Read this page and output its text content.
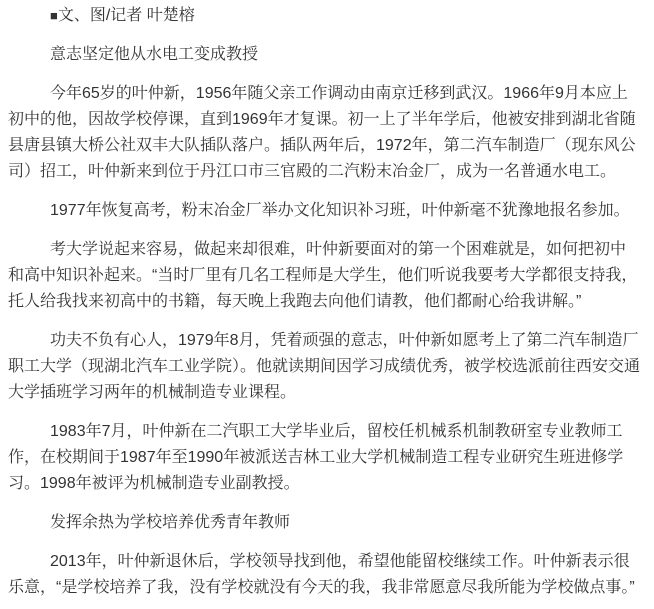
■文、图/记者 叶楚榕

意志坚定他从水电工变成教授

今年65岁的叶仲新，1956年随父亲工作调动由南京迁移到武汉。1966年9月本应上初中的他，因故学校停课，直到1969年才复课。初一上了半年学后，他被安排到湖北省随县唐县镇大桥公社双丰大队插队落户。插队两年后，1972年，第二汽车制造厂（现东风公司）招工，叶仲新来到位于丹江口市三官殿的二汽粉末冶金厂，成为一名普通水电工。

1977年恢复高考，粉末冶金厂举办文化知识补习班，叶仲新毫不犹豫地报名参加。

考大学说起来容易，做起来却很难，叶仲新要面对的第一个困难就是，如何把初中和高中知识补起来。“当时厂里有几名工程师是大学生，他们听说我要考大学都很支持我，托人给我找来初高中的书籍，每天晚上我跑去向他们请教，他们都耐心给我讲解。”

功夫不负有心人，1979年8月，凭着顽强的意志，叶仲新如愿考上了第二汽车制造厂职工大学（现湖北汽车工业学院）。他就读期间因学习成绩优秀，被学校选派前往西安交通大学插班学习两年的机械制造专业课程。

1983年7月，叶仲新在二汽职工大学毕业后，留校任机械系机制教研室专业教师工作，在校期间于1987年至1990年被派送吉林工业大学机械制造工程专业研究生班进修学习。1998年被评为机械制造专业副教授。

发挥余热为学校培养优秀青年教师

2013年，叶仲新退休后，学校领导找到他，希望他能留校继续工作。叶仲新表示很乐意，“是学校培养了我，没有学校就没有今天的我，我非常愿意尽我所能为学校做点事。”
